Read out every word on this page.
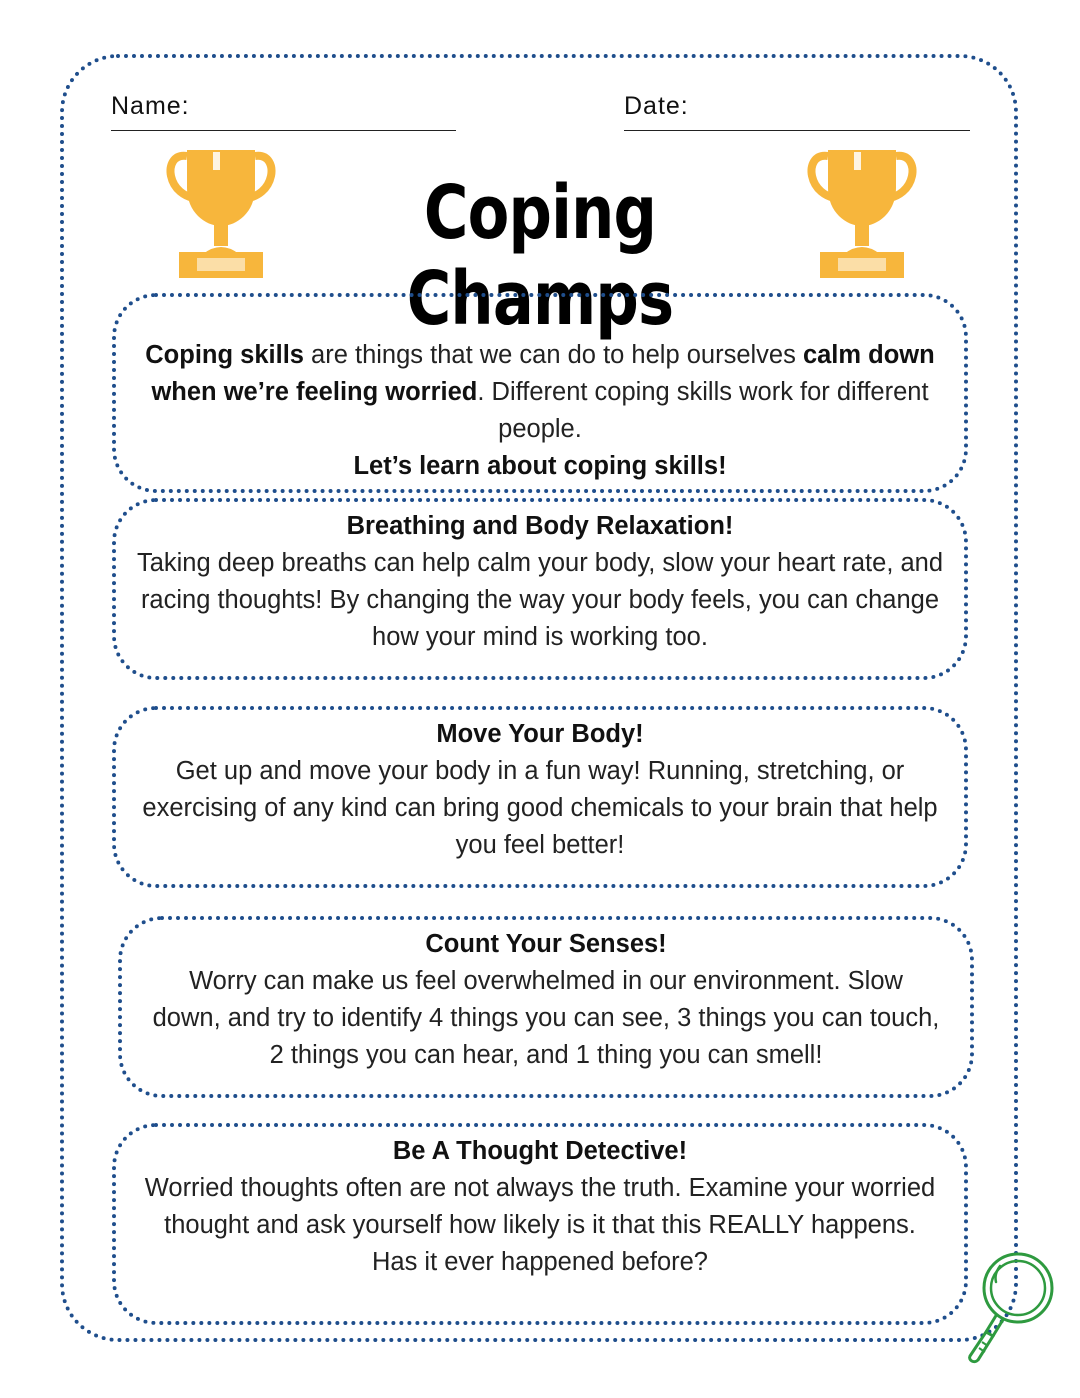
Name:	Date:
Coping Champs

Coping skills are things that we can do to help ourselves calm down when we’re feeling worried. Different coping skills work for different people.

Let’s learn about coping skills!

Breathing and Body Relaxation!

Taking deep breaths can help calm your body, slow your heart rate, and racing thoughts! By changing the way your body feels, you can change how your mind is working too.

Move Your Body!

Get up and move your body in a fun way! Running, stretching, or exercising of any kind can bring good chemicals to your brain that help you feel better!

Count Your Senses!

Worry can make us feel overwhelmed in our environment. Slow down, and try to identify 4 things you can see, 3 things you can touch, 2 things you can hear, and 1 thing you can smell!

Be A Thought Detective!

Worried thoughts often are not always the truth. Examine your worried thought and ask yourself how likely is it that this REALLY happens. Has it ever happened before?
